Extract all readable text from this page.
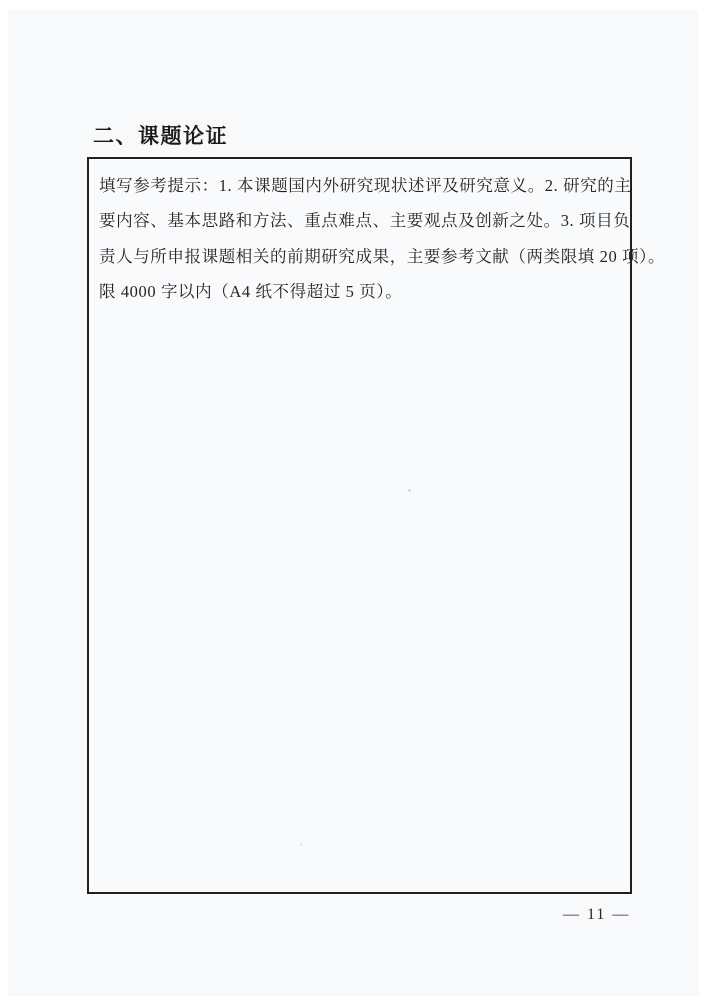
二、课题论证
填写参考提示：1. 本课题国内外研究现状述评及研究意义。2. 研究的主
要内容、基本思路和方法、重点难点、主要观点及创新之处。3. 项目负
责人与所申报课题相关的前期研究成果，主要参考文献（两类限填 20 项）。
限 4000 字以内（A4 纸不得超过 5 页）。
— 11 —
